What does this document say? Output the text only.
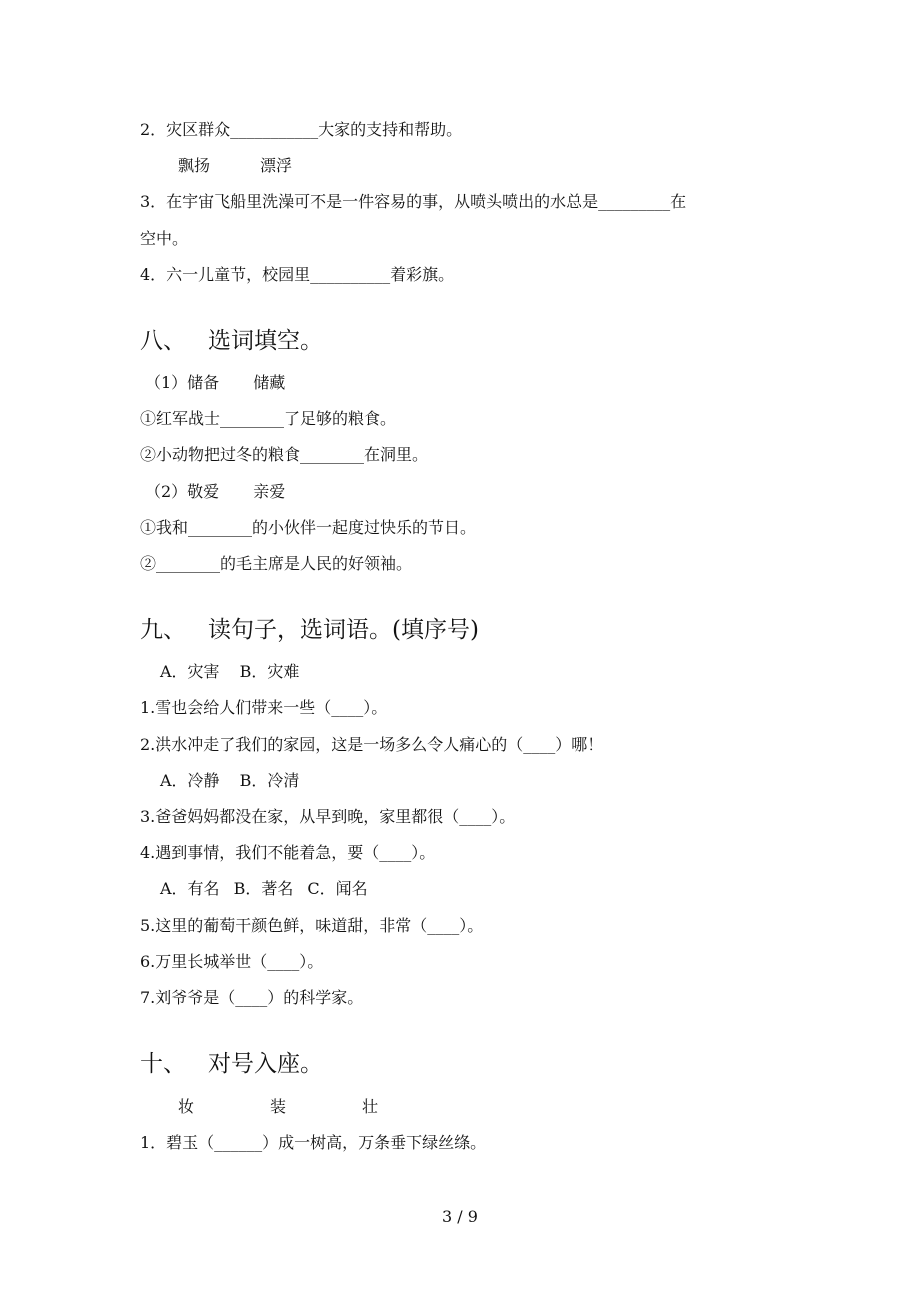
2．灾区群众___________大家的支持和帮助。
飘扬	漂浮
3．在宇宙飞船里洗澡可不是一件容易的事，从喷头喷出的水总是_________在
空中。
4．六一儿童节，校园里__________着彩旗。
八、 选词填空。
（1）储备 储藏
①红军战士________了足够的粮食。
②小动物把过冬的粮食________在洞里。
（2）敬爱 亲爱
①我和________的小伙伴一起度过快乐的节日。
②________的毛主席是人民的好领袖。
九、 读句子，选词语。(填序号)
A．灾害 B．灾难
1.雪也会给人们带来一些（____）。
2.洪水冲走了我们的家园，这是一场多么令人痛心的（____）哪！
A．冷静 B．冷清
3.爸爸妈妈都没在家，从早到晚，家里都很（____）。
4.遇到事情，我们不能着急，要（____）。
A．有名 B．著名 C．闻名
5.这里的葡萄干颜色鲜，味道甜，非常（____）。
6.万里长城举世（____）。
7.刘爷爷是（____）的科学家。
十、 对号入座。
妆	装	壮
1．碧玉（______）成一树高，万条垂下绿丝绦。
3 / 9
